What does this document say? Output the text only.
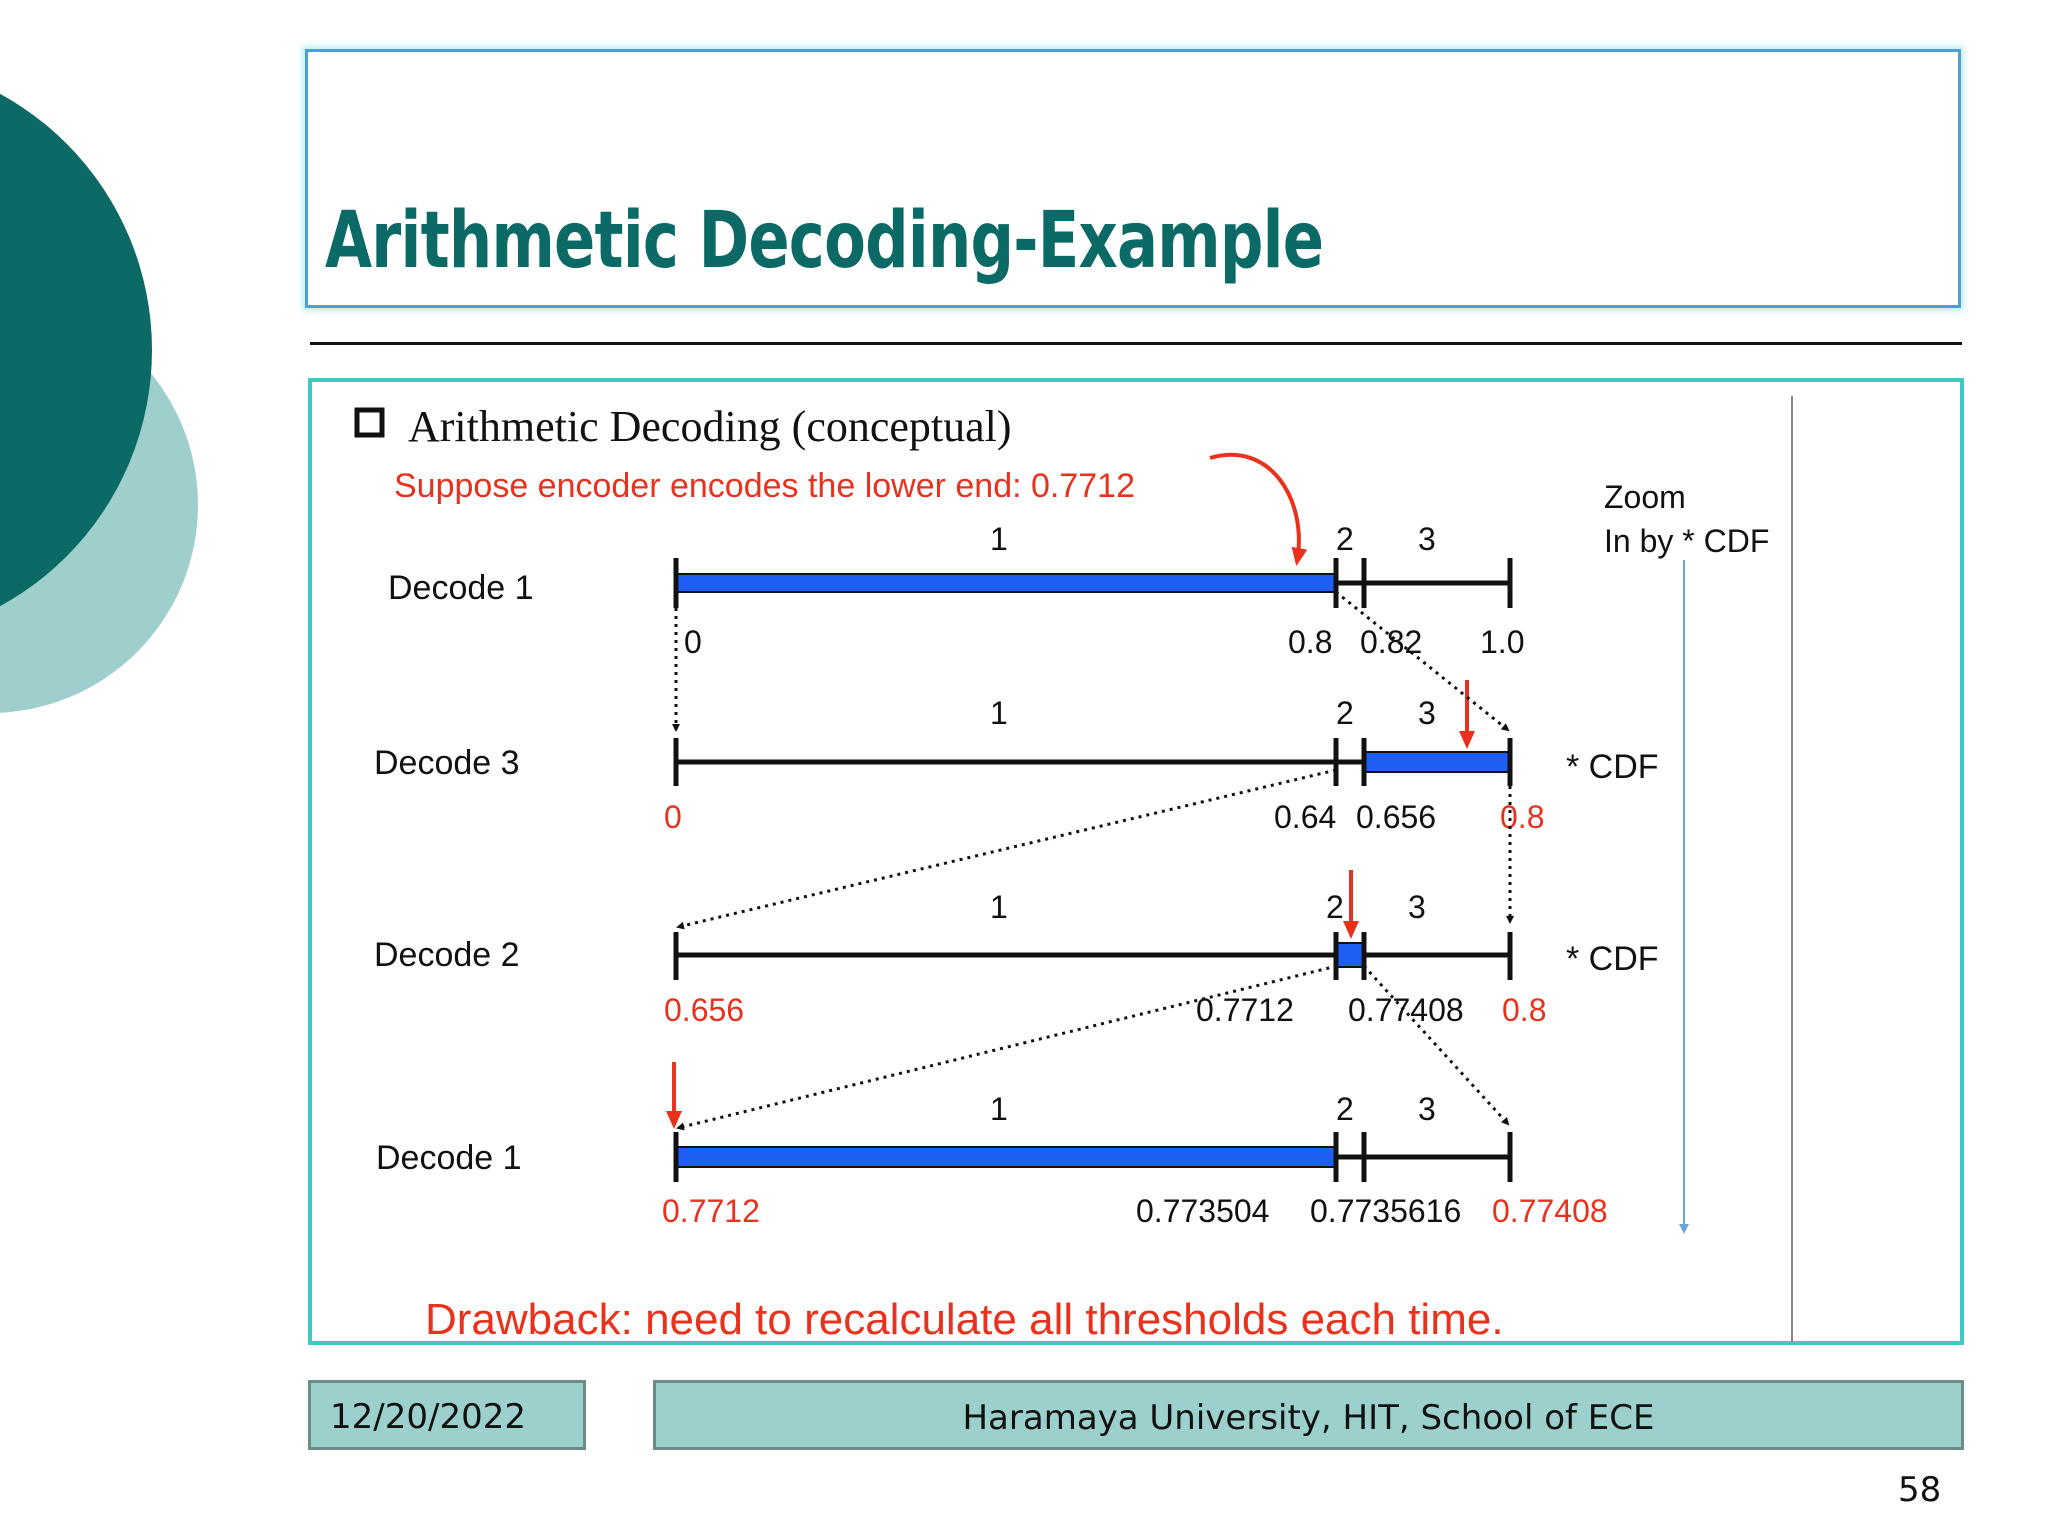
Arithmetic Decoding-Example
Arithmetic Decoding (conceptual)
Suppose encoder encodes the lower end: 0.7712	Zoom
In by * CDF
* CDF
* CDF
Decode 1
Decode 3
Decode 2
Decode 1
1	2 3
0	0.8 0.82 1.0
1	2 3
0	0.64 0.656 0.8
1	2 3
0.656	0.7712 0.77408 0.8
1	2 3
0.7712	0.773504 0.7735616 0.77408
Drawback: need to recalculate all thresholds each time.
12/20/2022	Haramaya University, HIT, School of ECE
58
